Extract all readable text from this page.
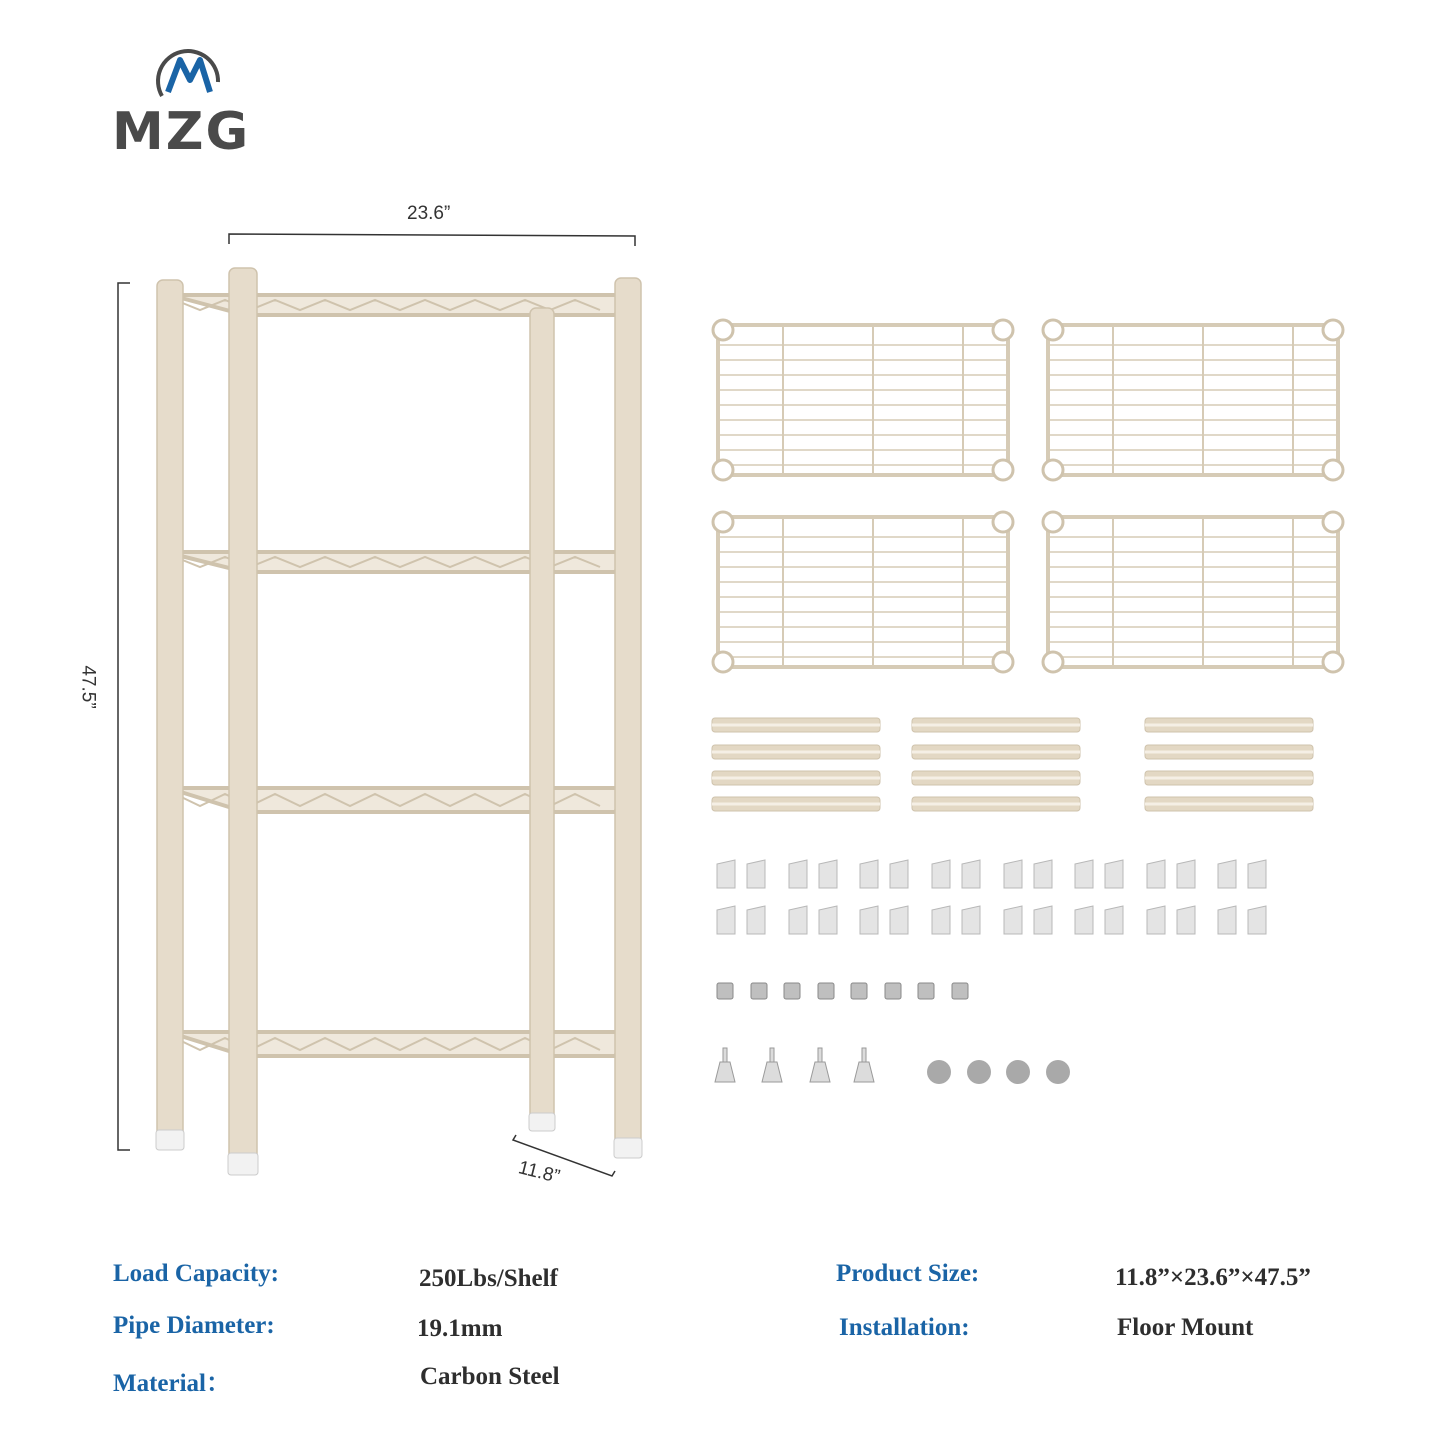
MZG
23.6”
47.5”
11.8”
Load Capacity:	250Lbs/Shelf
Pipe Diameter:	19.1mm
Material：	Carbon Steel
Product Size:	11.8”×23.6”×47.5”
Installation:	Floor Mount
